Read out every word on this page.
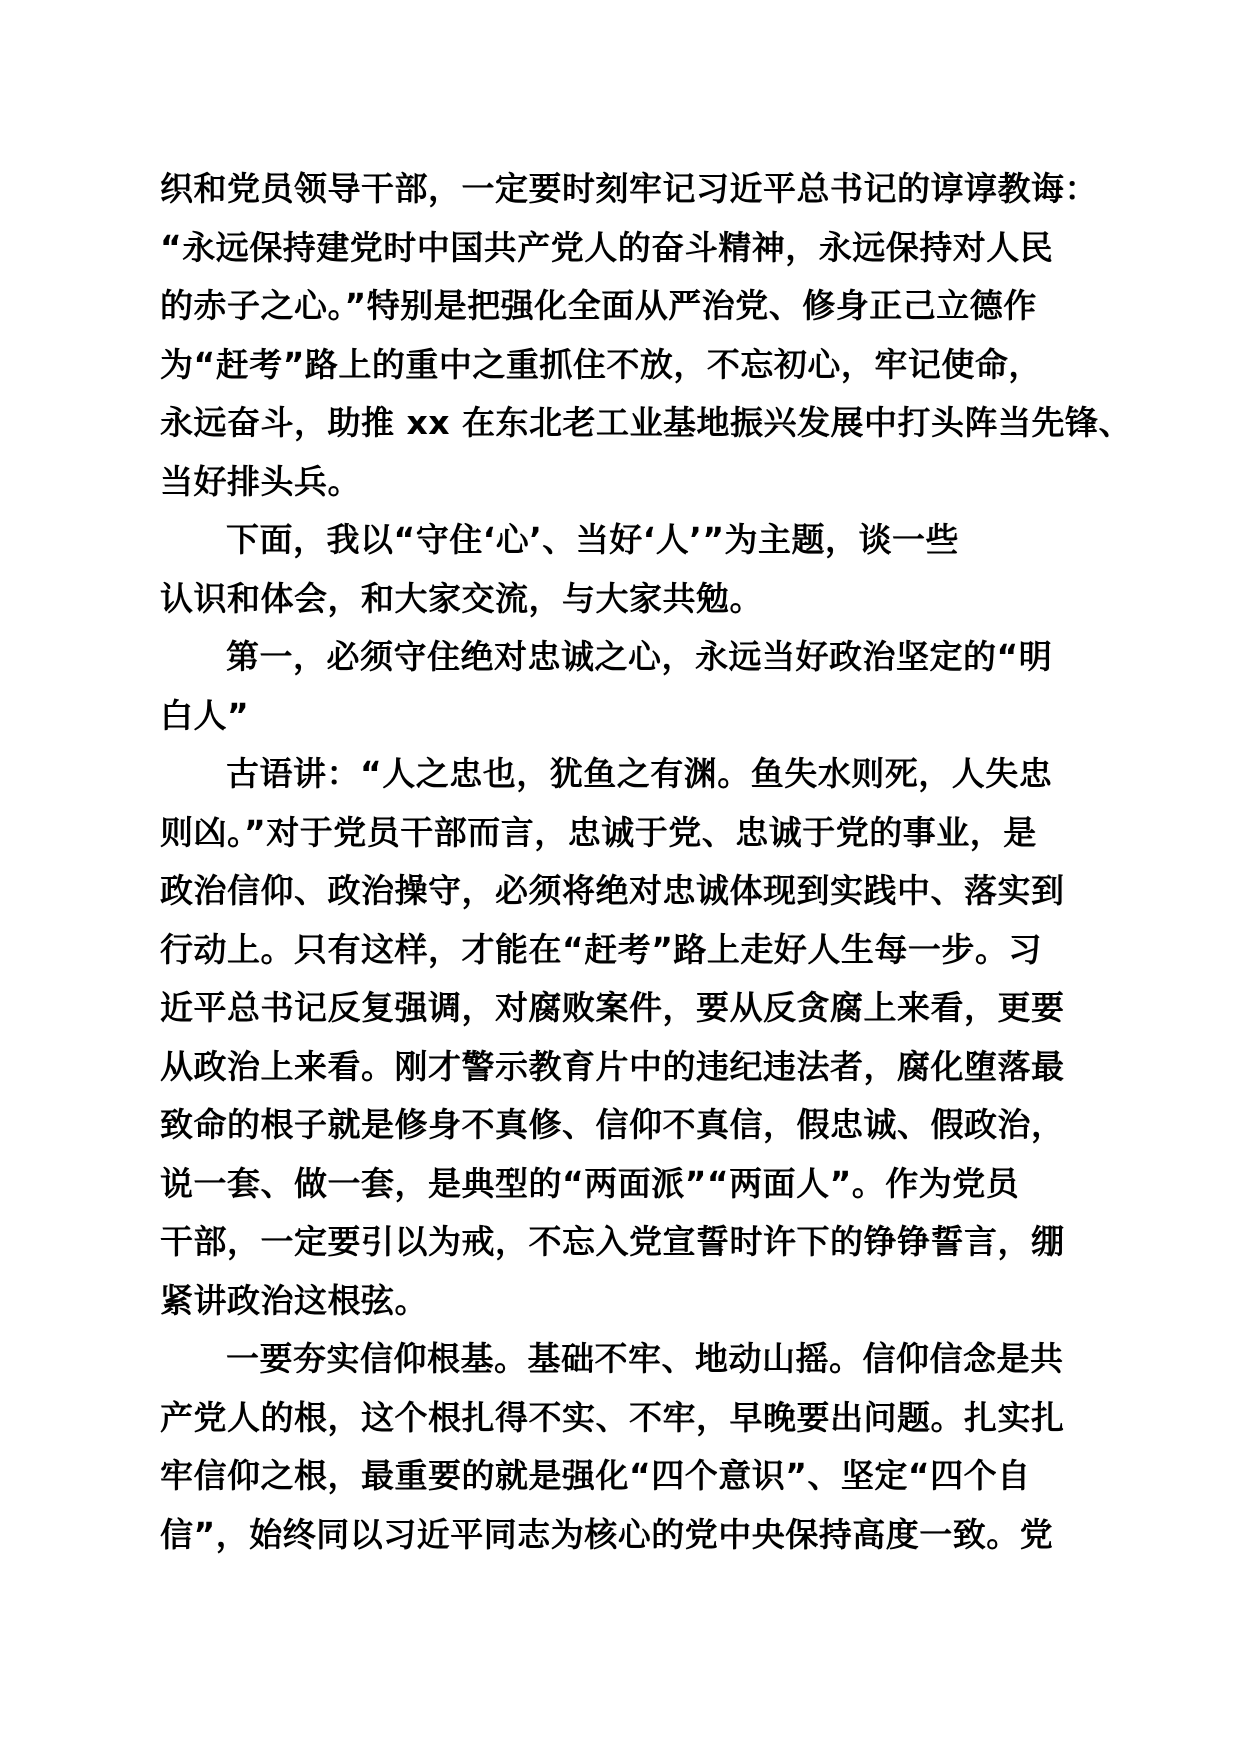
织和党员领导干部，一定要时刻牢记习近平总书记的谆谆教诲：
“永远保持建党时中国共产党人的奋斗精神，永远保持对人民
的赤子之心。”特别是把强化全面从严治党、修身正己立德作
为“赶考”路上的重中之重抓住不放，不忘初心，牢记使命，
永远奋斗，助推 xx 在东北老工业基地振兴发展中打头阵当先锋、
当好排头兵。
下面，我以“守住‘心’、当好‘人’”为主题，谈一些
认识和体会，和大家交流，与大家共勉。
第一，必须守住绝对忠诚之心，永远当好政治坚定的“明
白人”
古语讲：“人之忠也，犹鱼之有渊。鱼失水则死，人失忠
则凶。”对于党员干部而言，忠诚于党、忠诚于党的事业，是
政治信仰、政治操守，必须将绝对忠诚体现到实践中、落实到
行动上。只有这样，才能在“赶考”路上走好人生每一步。习
近平总书记反复强调，对腐败案件，要从反贪腐上来看，更要
从政治上来看。刚才警示教育片中的违纪违法者，腐化堕落最
致命的根子就是修身不真修、信仰不真信，假忠诚、假政治，
说一套、做一套，是典型的“两面派”“两面人”。作为党员
干部，一定要引以为戒，不忘入党宣誓时许下的铮铮誓言，绷
紧讲政治这根弦。
一要夯实信仰根基。基础不牢、地动山摇。信仰信念是共
产党人的根，这个根扎得不实、不牢，早晚要出问题。扎实扎
牢信仰之根，最重要的就是强化“四个意识”、坚定“四个自
信”，始终同以习近平同志为核心的党中央保持高度一致。党
